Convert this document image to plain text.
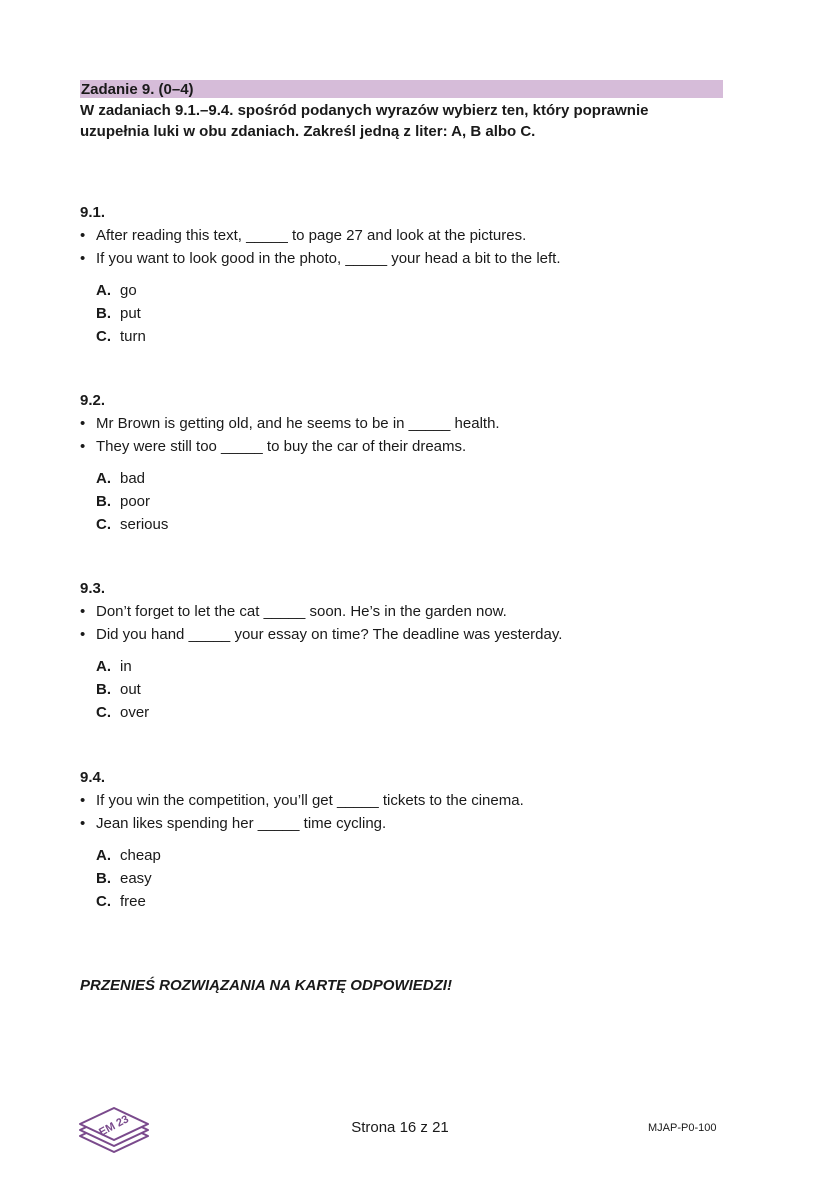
Zadanie 9. (0–4)
W zadaniach 9.1.–9.4. spośród podanych wyrazów wybierz ten, który poprawnie uzupełnia luki w obu zdaniach. Zakreśl jedną z liter: A, B albo C.
9.1.
• After reading this text, _____ to page 27 and look at the pictures.
• If you want to look good in the photo, _____ your head a bit to the left.
A. go
B. put
C. turn
9.2.
• Mr Brown is getting old, and he seems to be in _____ health.
• They were still too _____ to buy the car of their dreams.
A. bad
B. poor
C. serious
9.3.
• Don’t forget to let the cat _____ soon. He’s in the garden now.
• Did you hand _____ your essay on time? The deadline was yesterday.
A. in
B. out
C. over
9.4.
• If you win the competition, you’ll get _____ tickets to the cinema.
• Jean likes spending her _____ time cycling.
A. cheap
B. easy
C. free
PRZENIEŚ ROZWIĄZANIA NA KARTĘ ODPOWIEDZI!
EM 23	Strona 16 z 21	MJAP-P0-100
